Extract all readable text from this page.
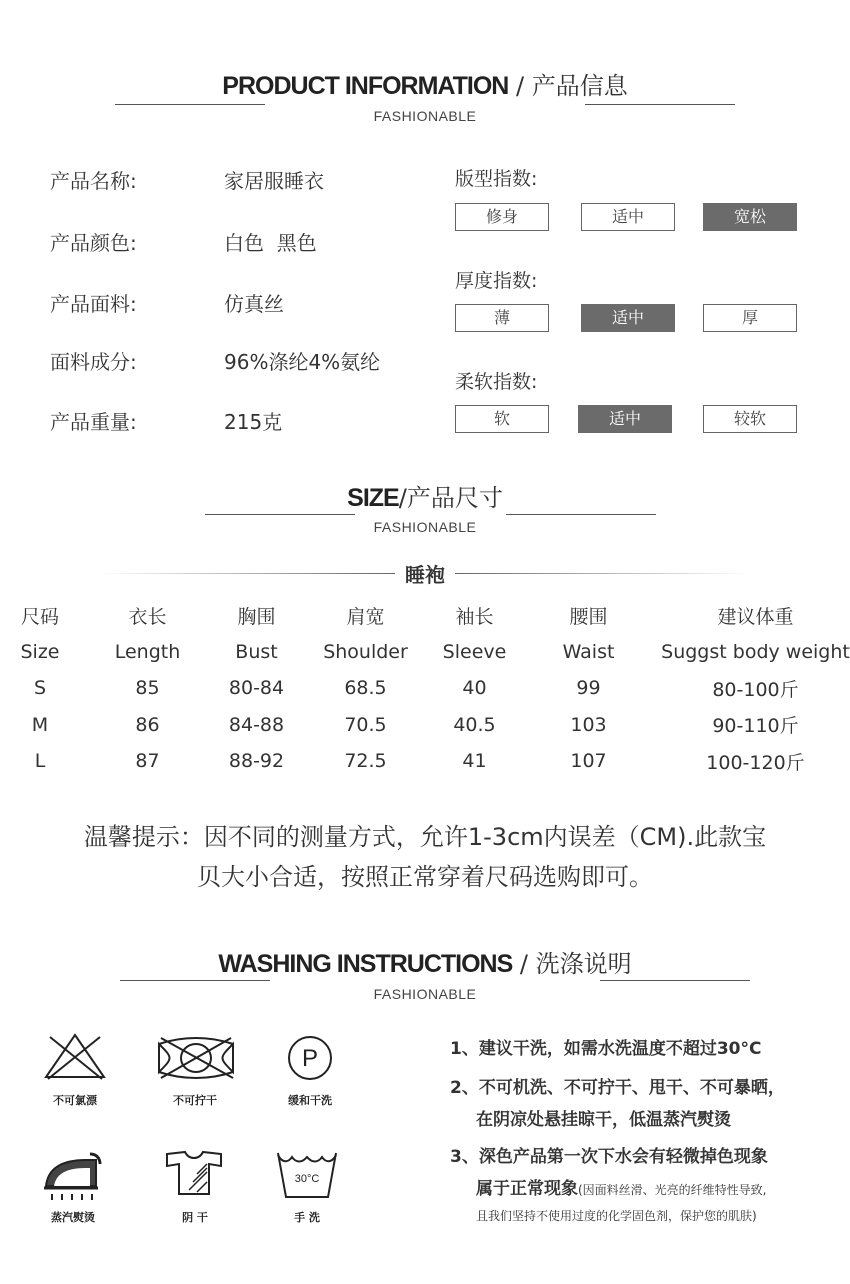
PRODUCT INFORMATION / 产品信息
FASHIONABLE
产品名称:	家居服睡衣
产品颜色:	白色  黑色
产品面料:	仿真丝
面料成分:	96%涤纶4%氨纶
产品重量:	215克
版型指数:
修身	适中	宽松
厚度指数:
薄	适中	厚
柔软指数:
软	适中	较软
SIZE/产品尺寸
FASHIONABLE
睡袍
尺码	衣长	胸围	肩宽	袖长	腰围	建议体重
Size	Length	Bust	Shoulder	Sleeve	Waist	Suggst body weight
S	85	80-84	68.5	40	99	80-100斤
M	86	84-88	70.5	40.5	103	90-110斤
L	87	88-92	72.5	41	107	100-120斤
温馨提示：因不同的测量方式，允许1-3cm内误差（CM).此款宝
贝大小合适，按照正常穿着尺码选购即可。
WASHING INSTRUCTIONS / 洗涤说明
FASHIONABLE
不可氯漂	不可拧干
P
缓和干洗
蒸汽熨烫	阴 干
30°C
手 洗
1、建议干洗，如需水洗温度不超过30°C
2、不可机洗、不可拧干、甩干、不可暴晒，
在阴凉处悬挂晾干，低温蒸汽熨烫
3、深色产品第一次下水会有轻微掉色现象
属于正常现象(因面料丝滑、光亮的纤维特性导致,
且我们坚持不使用过度的化学固色剂，保护您的肌肤)
